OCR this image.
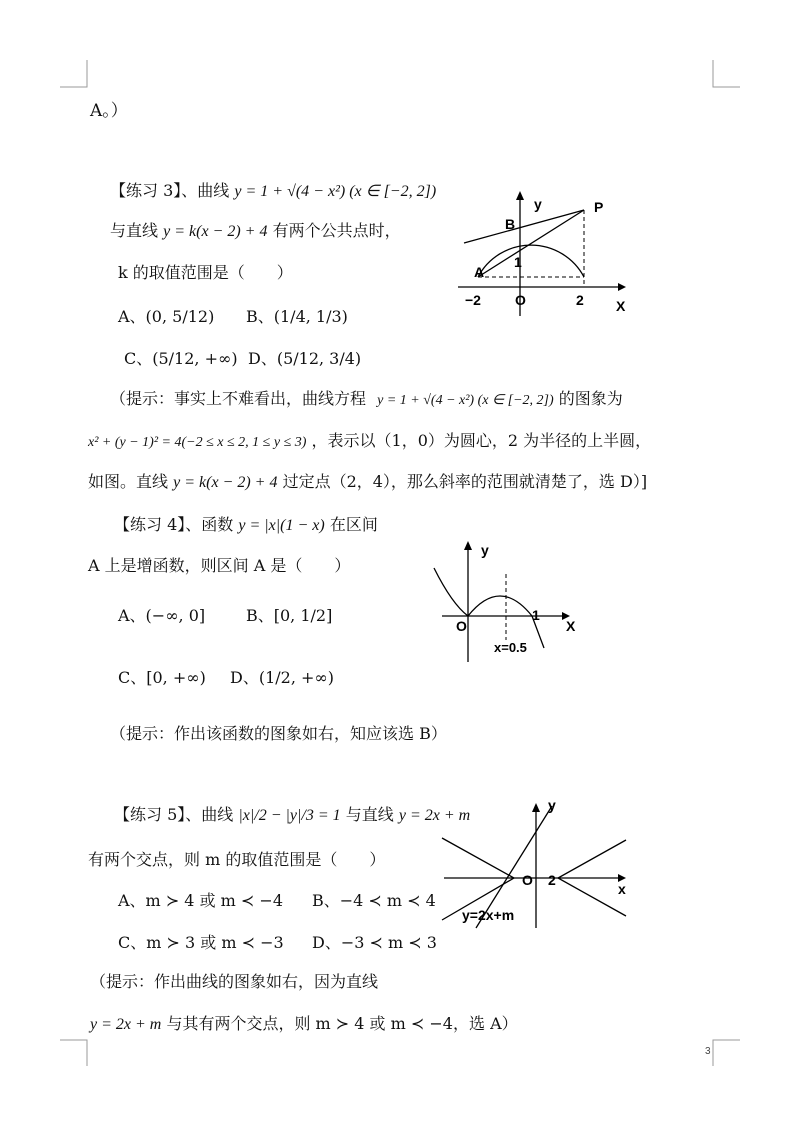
A。）
【练习 3】、曲线 y = 1 + √(4 − x²) (x ∈ [−2, 2])
与直线 y = k(x − 2) + 4 有两个公共点时，
k 的取值范围是（　　）
A、(0, 5/12) B、(1/4, 1/3)
C、(5/12, +∞) D、(5/12, 3/4)
y	P
B
1
A
−2 O	2 X
（提示：事实上不难看出，曲线方程 y = 1 + √(4 − x²) (x ∈ [−2, 2]) 的图象为
x² + (y − 1)² = 4(−2 ≤ x ≤ 2, 1 ≤ y ≤ 3) ，表示以（1，0）为圆心，2 为半径的上半圆，
如图。直线 y = k(x − 2) + 4 过定点（2，4），那么斜率的范围就清楚了，选 D）]
【练习 4】、函数 y = |x|(1 − x) 在区间
A 上是增函数，则区间 A 是（　　）
A、(−∞, 0]	B、[0, 1/2]
C、[0, +∞) D、(1/2, +∞)
y
O
1
X
x=0.5
（提示：作出该函数的图象如右，知应该选 B）
【练习 5】、曲线 |x|/2 − |y|/3 = 1 与直线 y = 2x + m
有两个交点，则 m 的取值范围是（　　）
A、m ≻ 4 或 m ≺ −4 B、−4 ≺ m ≺ 4
C、m ≻ 3 或 m ≺ −3 D、−3 ≺ m ≺ 3
y
O 2
x
y=2x+m
（提示：作出曲线的图象如右，因为直线
y = 2x + m 与其有两个交点，则 m ≻ 4 或 m ≺ −4，选 A）
3
